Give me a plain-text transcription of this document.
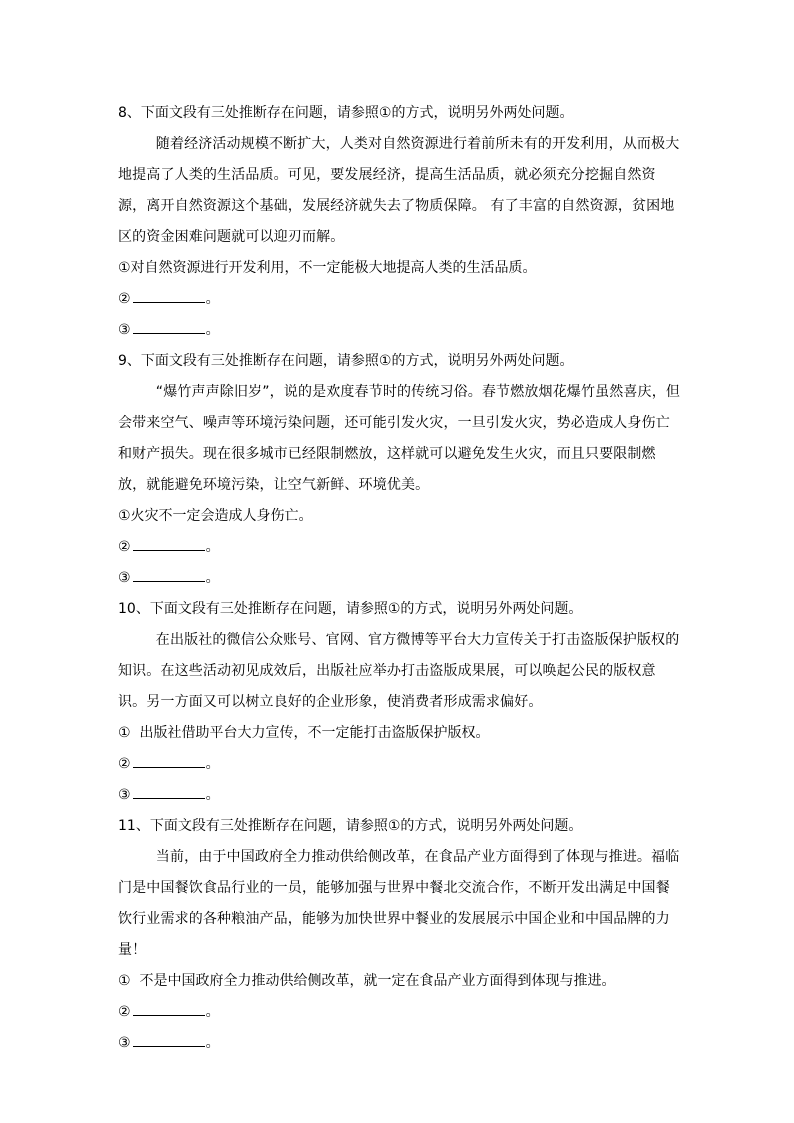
8、下面文段有三处推断存在问题，请参照①的方式，说明另外两处问题。

随着经济活动规模不断扩大，人类对自然资源进行着前所未有的开发利用，从而极大地提高了人类的生活品质。可见，要发展经济，提高生活品质，就必须充分挖掘自然资源，离开自然资源这个基础，发展经济就失去了物质保障。 有了丰富的自然资源，贫困地区的资金困难问题就可以迎刃而解。

①对自然资源进行开发利用，不一定能极大地提高人类的生活品质。

②	。

③	。

9、下面文段有三处推断存在问题，请参照①的方式，说明另外两处问题。

“爆竹声声除旧岁”，说的是欢度春节时的传统习俗。春节燃放烟花爆竹虽然喜庆，但会带来空气、噪声等环境污染问题，还可能引发火灾，一旦引发火灾，势必造成人身伤亡和财产损失。现在很多城市已经限制燃放，这样就可以避免发生火灾，而且只要限制燃放，就能避免环境污染，让空气新鲜、环境优美。

①火灾不一定会造成人身伤亡。

②	。

③	。

10、下面文段有三处推断存在问题，请参照①的方式，说明另外两处问题。

在出版社的微信公众账号、官网、官方微博等平台大力宣传关于打击盗版保护版权的知识。在这些活动初见成效后，出版社应举办打击盗版成果展，可以唤起公民的版权意识。另一方面又可以树立良好的企业形象，使消费者形成需求偏好。

①  出版社借助平台大力宣传，不一定能打击盗版保护版权。

②	。

③	。

11、下面文段有三处推断存在问题，请参照①的方式，说明另外两处问题。

当前，由于中国政府全力推动供给侧改革，在食品产业方面得到了体现与推进。福临门是中国餐饮食品行业的一员，能够加强与世界中餐北交流合作，不断开发出满足中国餐饮行业需求的各种粮油产品，能够为加快世界中餐业的发展展示中国企业和中国品牌的力量！

①  不是中国政府全力推动供给侧改革，就一定在食品产业方面得到体现与推进。

②	。

③	。
